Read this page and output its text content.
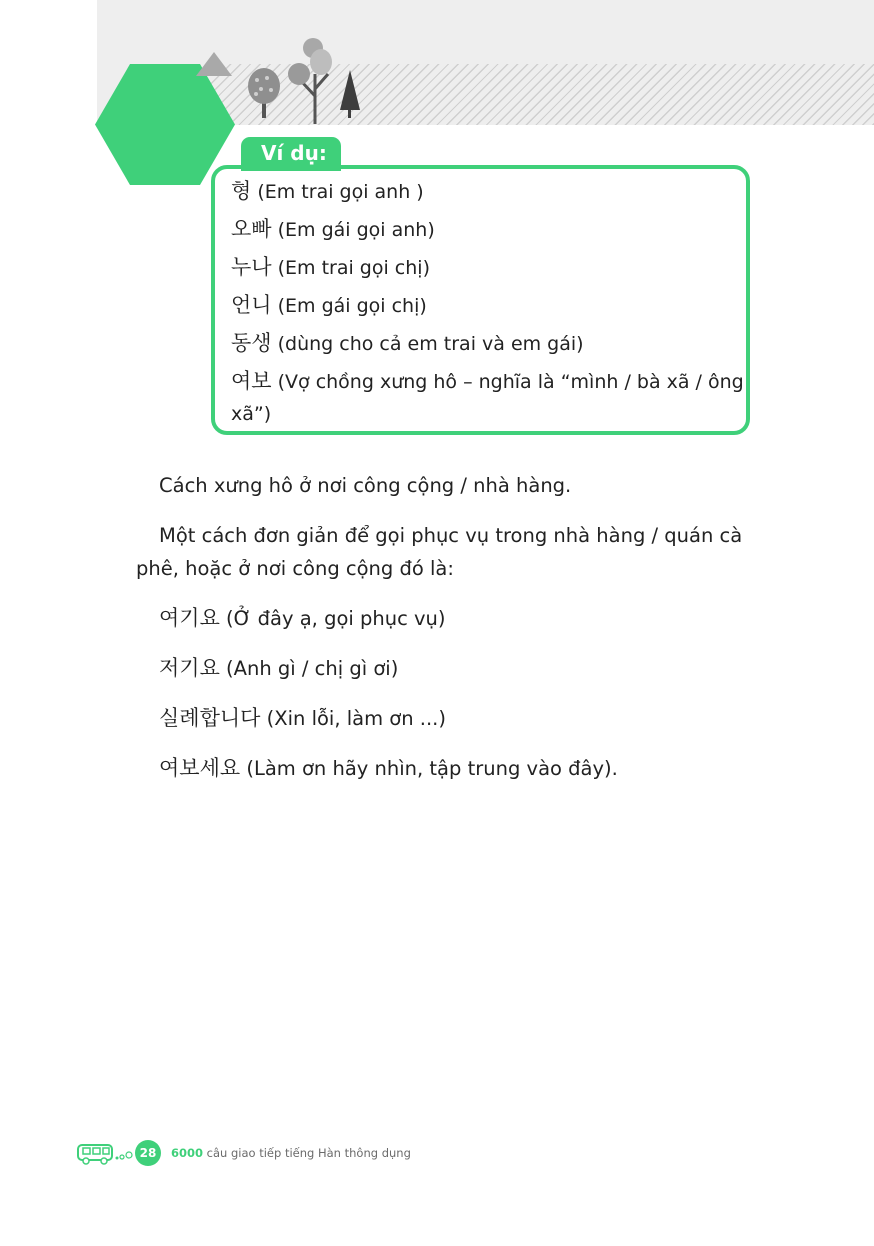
Ví dụ:
형 (Em trai gọi anh )
오빠 (Em gái gọi anh)
누나 (Em trai gọi chị)
언니 (Em gái gọi chị)
동생 (dùng cho cả em trai và em gái)
여보 (Vợ chồng xưng hô – nghĩa là “mình / bà xã / ông xã”)
Cách xưng hô ở nơi công cộng / nhà hàng.
Một cách đơn giản để gọi phục vụ trong nhà hàng / quán cà phê, hoặc ở nơi công cộng đó là:
여기요 (Ở đây ạ, gọi phục vụ)
저기요 (Anh gì / chị gì ơi)
실례합니다 (Xin lỗi, làm ơn ...)
여보세요 (Làm ơn hãy nhìn, tập trung vào đây).
28	6000 câu giao tiếp tiếng Hàn thông dụng
